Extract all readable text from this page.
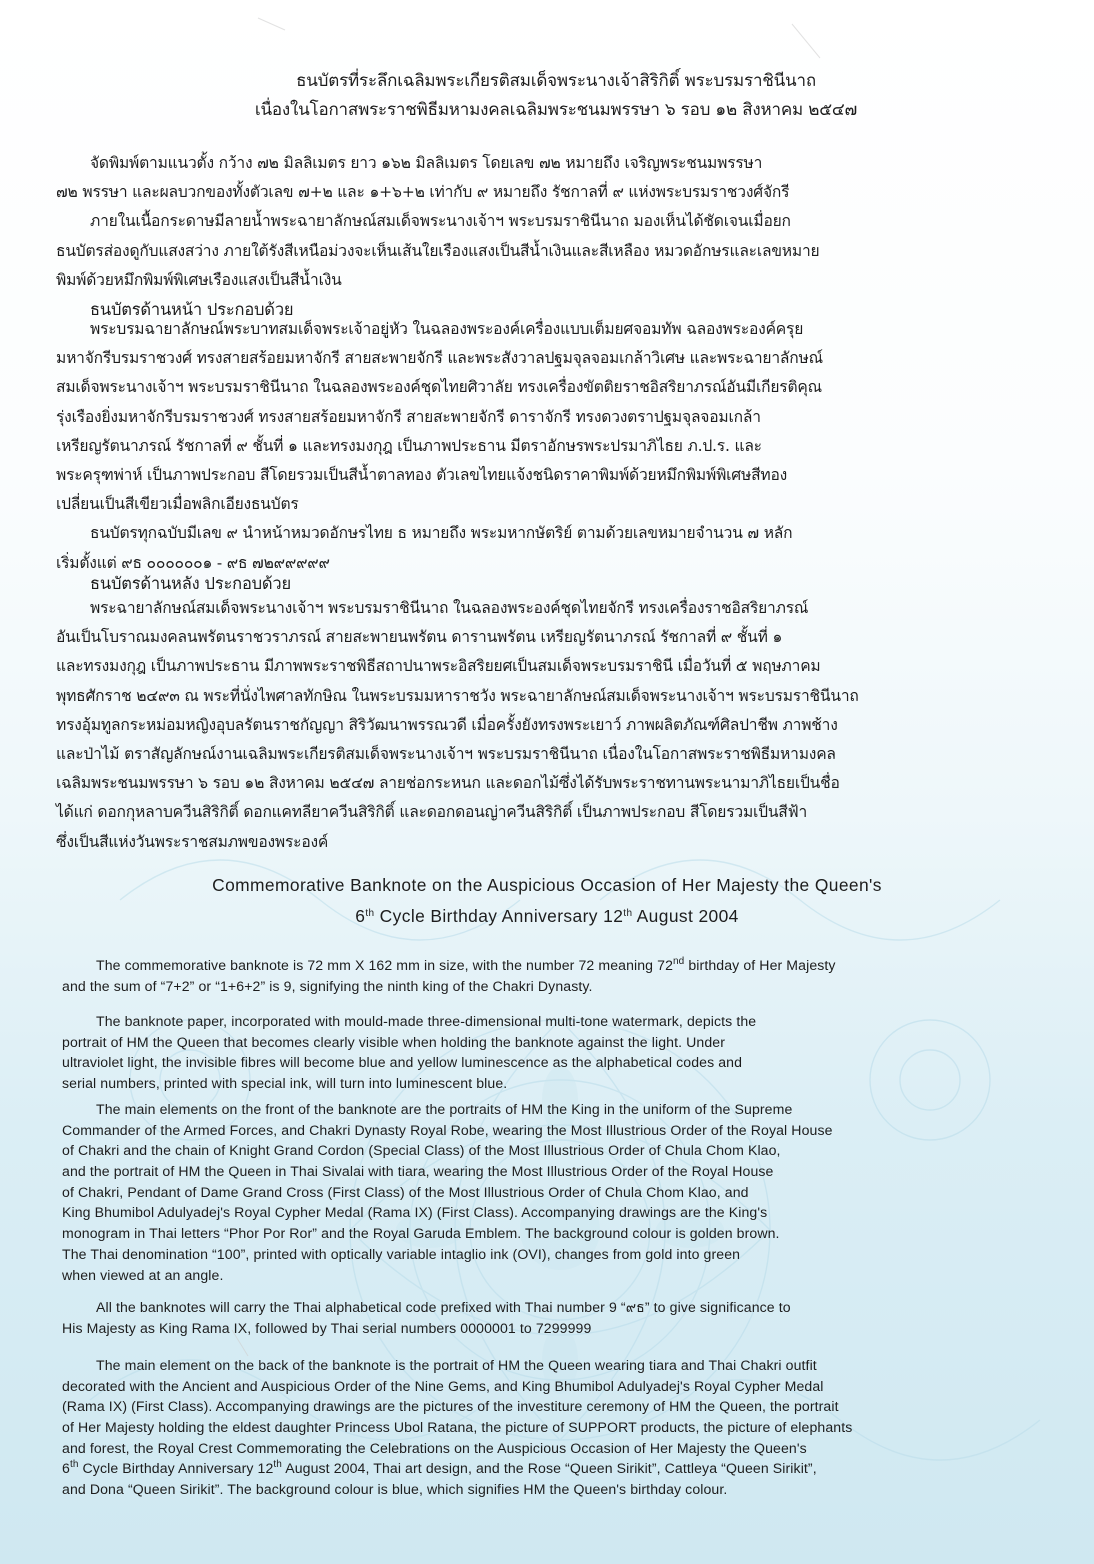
ธนบัตรที่ระลึกเฉลิมพระเกียรติสมเด็จพระนางเจ้าสิริกิติ์ พระบรมราชินีนาถ
เนื่องในโอกาสพระราชพิธีมหามงคลเฉลิมพระชนมพรรษา ๖ รอบ ๑๒ สิงหาคม ๒๕๔๗
จัดพิมพ์ตามแนวตั้ง กว้าง ๗๒ มิลลิเมตร ยาว ๑๖๒ มิลลิเมตร โดยเลข ๗๒ หมายถึง เจริญพระชนมพรรษา
๗๒ พรรษา และผลบวกของทั้งตัวเลข ๗+๒ และ ๑+๖+๒ เท่ากับ ๙ หมายถึง รัชกาลที่ ๙ แห่งพระบรมราชวงศ์จักรี
ภายในเนื้อกระดาษมีลายน้ำพระฉายาลักษณ์สมเด็จพระนางเจ้าฯ พระบรมราชินีนาถ มองเห็นได้ชัดเจนเมื่อยก
ธนบัตรส่องดูกับแสงสว่าง ภายใต้รังสีเหนือม่วงจะเห็นเส้นใยเรืองแสงเป็นสีน้ำเงินและสีเหลือง หมวดอักษรและเลขหมาย
พิมพ์ด้วยหมึกพิมพ์พิเศษเรืองแสงเป็นสีน้ำเงิน
ธนบัตรด้านหน้า ประกอบด้วย
พระบรมฉายาลักษณ์พระบาทสมเด็จพระเจ้าอยู่หัว ในฉลองพระองค์เครื่องแบบเต็มยศจอมทัพ ฉลองพระองค์ครุย
มหาจักรีบรมราชวงศ์ ทรงสายสร้อยมหาจักรี สายสะพายจักรี และพระสังวาลปฐมจุลจอมเกล้าวิเศษ และพระฉายาลักษณ์
สมเด็จพระนางเจ้าฯ พระบรมราชินีนาถ ในฉลองพระองค์ชุดไทยศิวาลัย ทรงเครื่องขัตติยราชอิสริยาภรณ์อันมีเกียรติคุณ
รุ่งเรืองยิ่งมหาจักรีบรมราชวงศ์ ทรงสายสร้อยมหาจักรี สายสะพายจักรี ดาราจักรี ทรงดวงตราปฐมจุลจอมเกล้า
เหรียญรัตนาภรณ์ รัชกาลที่ ๙ ชั้นที่ ๑ และทรงมงกุฎ เป็นภาพประธาน มีตราอักษรพระปรมาภิไธย ภ.ป.ร. และ
พระครุฑพ่าห์ เป็นภาพประกอบ สีโดยรวมเป็นสีน้ำตาลทอง ตัวเลขไทยแจ้งชนิดราคาพิมพ์ด้วยหมึกพิมพ์พิเศษสีทอง
เปลี่ยนเป็นสีเขียวเมื่อพลิกเอียงธนบัตร
ธนบัตรทุกฉบับมีเลข ๙ นำหน้าหมวดอักษรไทย ธ หมายถึง พระมหากษัตริย์ ตามด้วยเลขหมายจำนวน ๗ หลัก
เริ่มตั้งแต่ ๙ธ ๐๐๐๐๐๐๑ - ๙ธ ๗๒๙๙๙๙๙
ธนบัตรด้านหลัง ประกอบด้วย
พระฉายาลักษณ์สมเด็จพระนางเจ้าฯ พระบรมราชินีนาถ ในฉลองพระองค์ชุดไทยจักรี ทรงเครื่องราชอิสริยาภรณ์
อันเป็นโบราณมงคลนพรัตนราชวราภรณ์ สายสะพายนพรัตน ดารานพรัตน เหรียญรัตนาภรณ์ รัชกาลที่ ๙ ชั้นที่ ๑
และทรงมงกุฎ เป็นภาพประธาน มีภาพพระราชพิธีสถาปนาพระอิสริยยศเป็นสมเด็จพระบรมราชินี เมื่อวันที่ ๕ พฤษภาคม
พุทธศักราช ๒๔๙๓ ณ พระที่นั่งไพศาลทักษิณ ในพระบรมมหาราชวัง พระฉายาลักษณ์สมเด็จพระนางเจ้าฯ พระบรมราชินีนาถ
ทรงอุ้มทูลกระหม่อมหญิงอุบลรัตนราชกัญญา สิริวัฒนาพรรณวดี เมื่อครั้งยังทรงพระเยาว์ ภาพผลิตภัณฑ์ศิลปาชีพ ภาพช้าง
และป่าไม้ ตราสัญลักษณ์งานเฉลิมพระเกียรติสมเด็จพระนางเจ้าฯ พระบรมราชินีนาถ เนื่องในโอกาสพระราชพิธีมหามงคล
เฉลิมพระชนมพรรษา ๖ รอบ ๑๒ สิงหาคม ๒๕๔๗ ลายช่อกระหนก และดอกไม้ซึ่งได้รับพระราชทานพระนามาภิไธยเป็นชื่อ
ได้แก่ ดอกกุหลาบควีนสิริกิติ์ ดอกแคทลียาควีนสิริกิติ์ และดอกดอนญ่าควีนสิริกิติ์ เป็นภาพประกอบ สีโดยรวมเป็นสีฟ้า
ซึ่งเป็นสีแห่งวันพระราชสมภพของพระองค์
Commemorative Banknote on the Auspicious Occasion of Her Majesty the Queen's
6th Cycle Birthday Anniversary 12th August 2004
The commemorative banknote is 72 mm X 162 mm in size, with the number 72 meaning 72nd birthday of Her Majesty
and the sum of “7+2” or “1+6+2” is 9, signifying the ninth king of the Chakri Dynasty.
The banknote paper, incorporated with mould-made three-dimensional multi-tone watermark, depicts the
portrait of HM the Queen that becomes clearly visible when holding the banknote against the light. Under
ultraviolet light, the invisible fibres will become blue and yellow luminescence as the alphabetical codes and
serial numbers, printed with special ink, will turn into luminescent blue.
The main elements on the front of the banknote are the portraits of HM the King in the uniform of the Supreme
Commander of the Armed Forces, and Chakri Dynasty Royal Robe, wearing the Most Illustrious Order of the Royal House
of Chakri and the chain of Knight Grand Cordon (Special Class) of the Most Illustrious Order of Chula Chom Klao,
and the portrait of HM the Queen in Thai Sivalai with tiara, wearing the Most Illustrious Order of the Royal House
of Chakri, Pendant of Dame Grand Cross (First Class) of the Most Illustrious Order of Chula Chom Klao, and
King Bhumibol Adulyadej's Royal Cypher Medal (Rama IX) (First Class). Accompanying drawings are the King's
monogram in Thai letters “Phor Por Ror” and the Royal Garuda Emblem. The background colour is golden brown.
The Thai denomination “100”, printed with optically variable intaglio ink (OVI), changes from gold into green
when viewed at an angle.
All the banknotes will carry the Thai alphabetical code prefixed with Thai number 9 “๙ธ” to give significance to
His Majesty as King Rama IX, followed by Thai serial numbers 0000001 to 7299999
The main element on the back of the banknote is the portrait of HM the Queen wearing tiara and Thai Chakri outfit
decorated with the Ancient and Auspicious Order of the Nine Gems, and King Bhumibol Adulyadej's Royal Cypher Medal
(Rama IX) (First Class). Accompanying drawings are the pictures of the investiture ceremony of HM the Queen, the portrait
of Her Majesty holding the eldest daughter Princess Ubol Ratana, the picture of SUPPORT products, the picture of elephants
and forest, the Royal Crest Commemorating the Celebrations on the Auspicious Occasion of Her Majesty the Queen's
6th Cycle Birthday Anniversary 12th August 2004, Thai art design, and the Rose “Queen Sirikit”, Cattleya “Queen Sirikit”,
and Dona “Queen Sirikit”. The background colour is blue, which signifies HM the Queen's birthday colour.
